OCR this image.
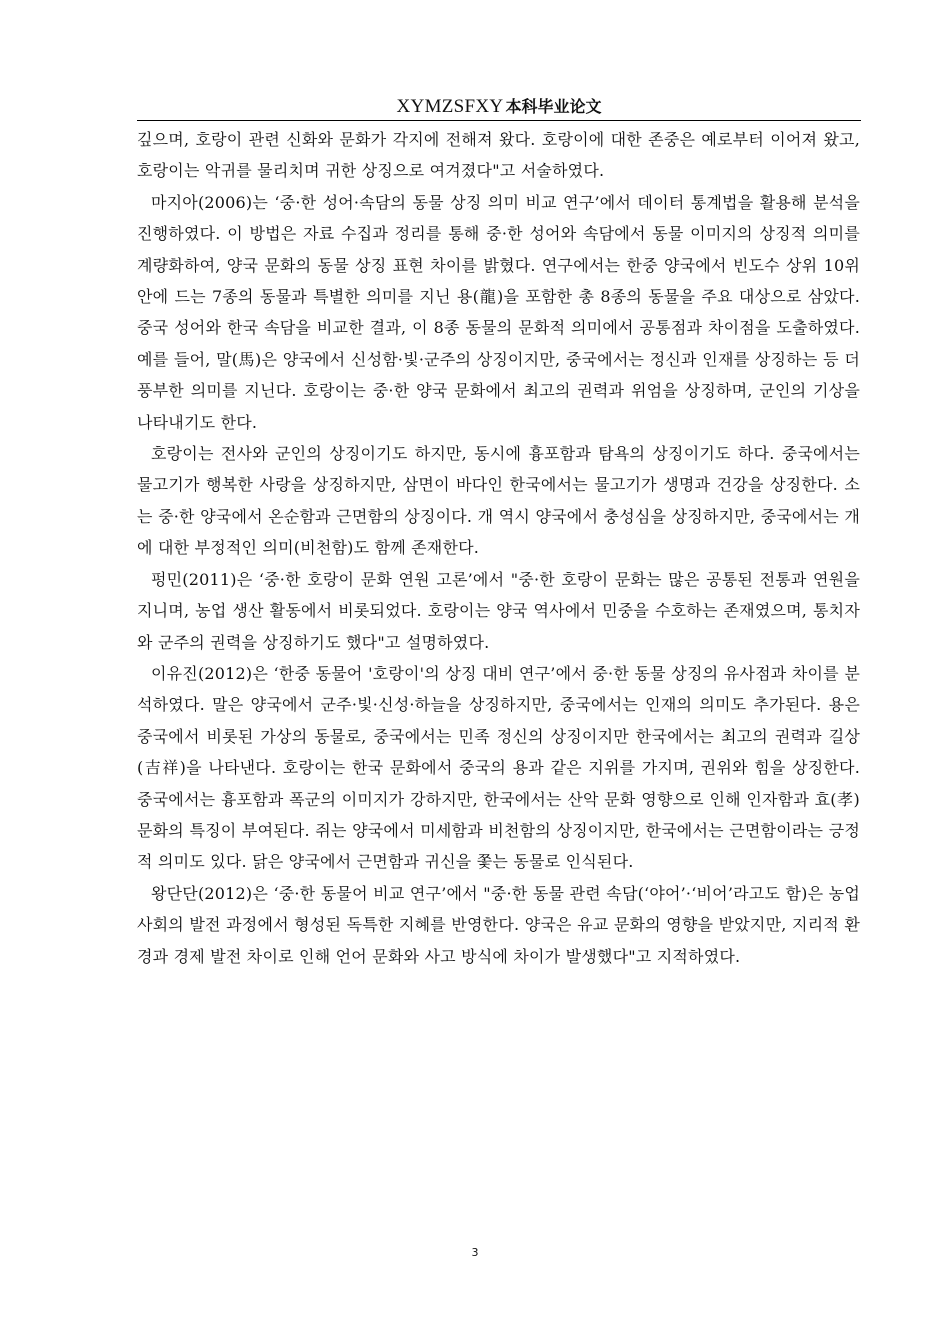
XYMZSFXY 本科毕业论文

깊으며, 호랑이 관련 신화와 문화가 각지에 전해져 왔다. 호랑이에 대한 존중은 예로부터 이어져 왔고, 호랑이는 악귀를 물리치며 귀한 상징으로 여겨졌다"고 서술하였다.

마지아(2006)는 ‘중·한 성어·속담의 동물 상징 의미 비교 연구’에서 데이터 통계법을 활용해 분석을 진행하였다. 이 방법은 자료 수집과 정리를 통해 중·한 성어와 속담에서 동물 이미지의 상징적 의미를 계량화하여, 양국 문화의 동물 상징 표현 차이를 밝혔다. 연구에서는 한중 양국에서 빈도수 상위 10위 안에 드는 7종의 동물과 특별한 의미를 지닌 용(龍)을 포함한 총 8종의 동물을 주요 대상으로 삼았다. 중국 성어와 한국 속담을 비교한 결과, 이 8종 동물의 문화적 의미에서 공통점과 차이점을 도출하였다. 예를 들어, 말(馬)은 양국에서 신성함·빛·군주의 상징이지만, 중국에서는 정신과 인재를 상징하는 등 더 풍부한 의미를 지닌다. 호랑이는 중·한 양국 문화에서 최고의 권력과 위엄을 상징하며, 군인의 기상을 나타내기도 한다.

호랑이는 전사와 군인의 상징이기도 하지만, 동시에 흉포함과 탐욕의 상징이기도 하다. 중국에서는 물고기가 행복한 사랑을 상징하지만, 삼면이 바다인 한국에서는 물고기가 생명과 건강을 상징한다. 소는 중·한 양국에서 온순함과 근면함의 상징이다. 개 역시 양국에서 충성심을 상징하지만, 중국에서는 개에 대한 부정적인 의미(비천함)도 함께 존재한다.

펑민(2011)은 ‘중·한 호랑이 문화 연원 고론’에서 "중·한 호랑이 문화는 많은 공통된 전통과 연원을 지니며, 농업 생산 활동에서 비롯되었다. 호랑이는 양국 역사에서 민중을 수호하는 존재였으며, 통치자와 군주의 권력을 상징하기도 했다"고 설명하였다.

이유진(2012)은 ‘한중 동물어 '호랑이'의 상징 대비 연구’에서 중·한 동물 상징의 유사점과 차이를 분석하였다. 말은 양국에서 군주·빛·신성·하늘을 상징하지만, 중국에서는 인재의 의미도 추가된다. 용은 중국에서 비롯된 가상의 동물로, 중국에서는 민족 정신의 상징이지만 한국에서는 최고의 권력과 길상(吉祥)을 나타낸다. 호랑이는 한국 문화에서 중국의 용과 같은 지위를 가지며, 권위와 힘을 상징한다. 중국에서는 흉포함과 폭군의 이미지가 강하지만, 한국에서는 산악 문화 영향으로 인해 인자함과 효(孝) 문화의 특징이 부여된다. 쥐는 양국에서 미세함과 비천함의 상징이지만, 한국에서는 근면함이라는 긍정적 의미도 있다. 닭은 양국에서 근면함과 귀신을 쫓는 동물로 인식된다.

왕단단(2012)은 ‘중·한 동물어 비교 연구’에서 "중·한 동물 관련 속담(‘야어’·‘비어’라고도 함)은 농업 사회의 발전 과정에서 형성된 독특한 지혜를 반영한다. 양국은 유교 문화의 영향을 받았지만, 지리적 환경과 경제 발전 차이로 인해 언어 문화와 사고 방식에 차이가 발생했다"고 지적하였다.

3
